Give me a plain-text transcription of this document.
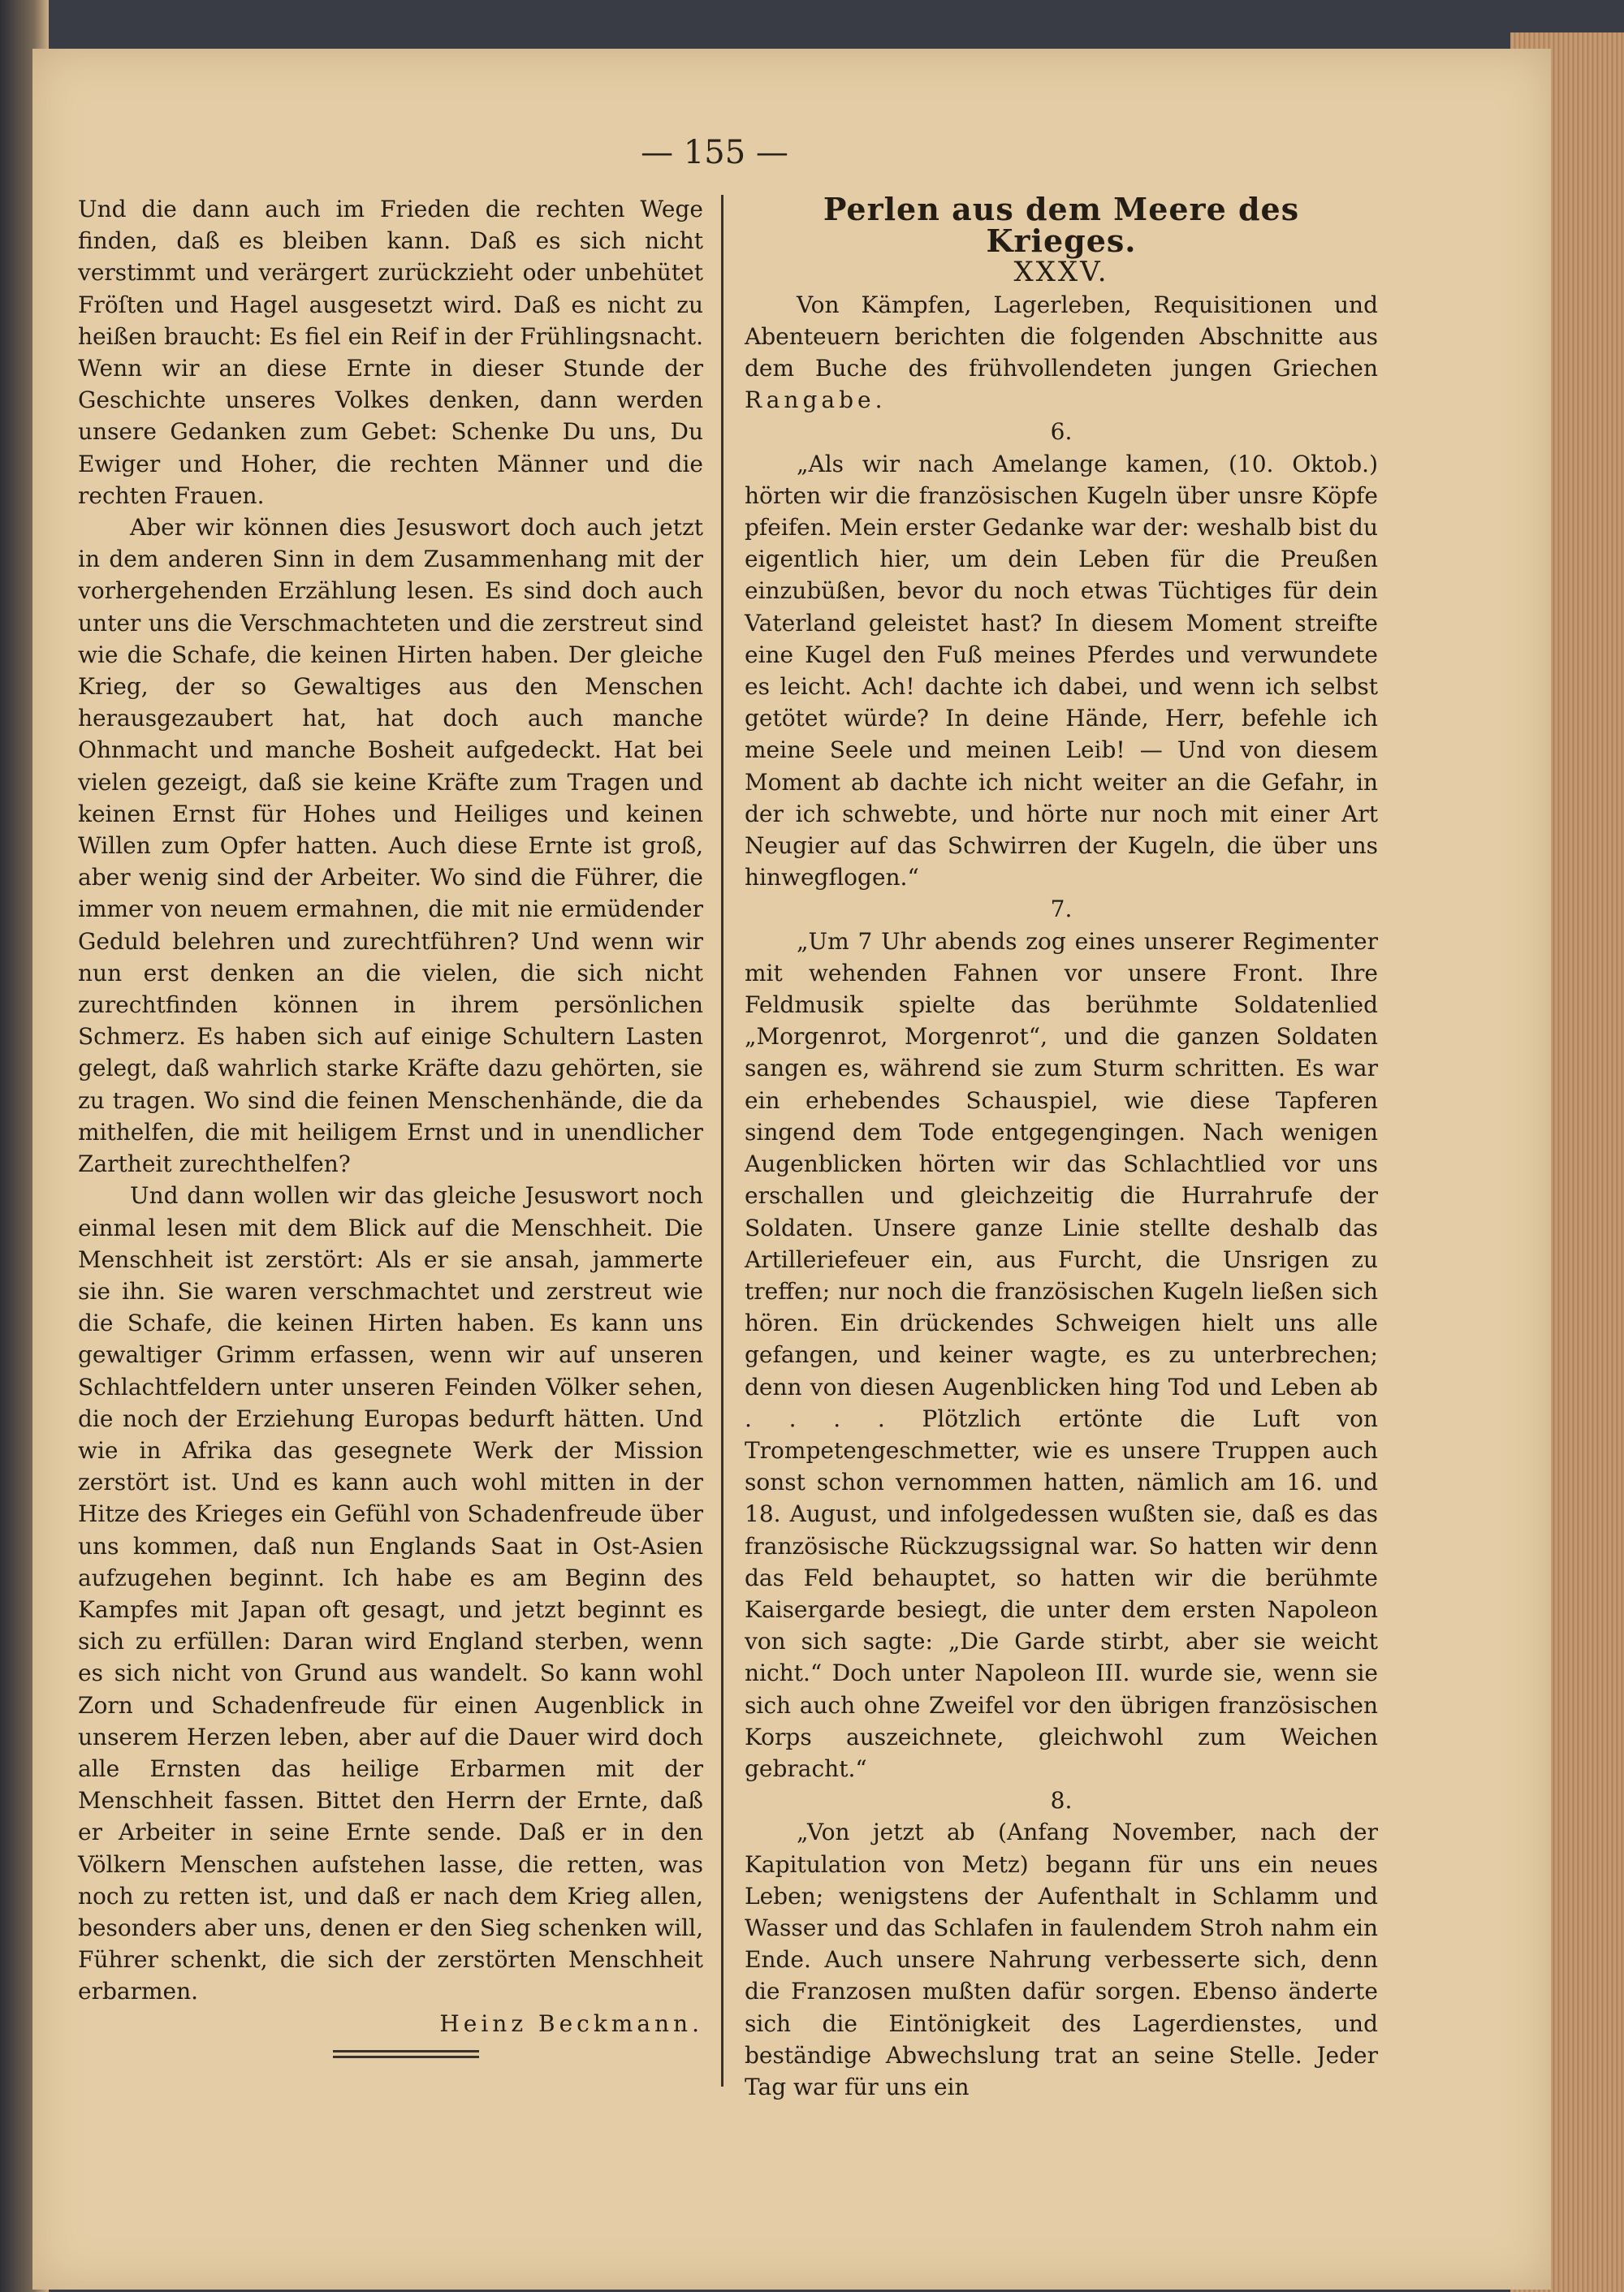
— 155 —

Und die dann auch im Frieden die rechten Wege finden, daß es bleiben kann. Daß es sich nicht verstimmt und verärgert zurückzieht oder unbehütet Fröſten und Hagel ausgesetzt wird. Daß es nicht zu heißen braucht: Es fiel ein Reif in der Frühlingsnacht. Wenn wir an diese Ernte in dieser Stunde der Geschichte unseres Volkes denken, dann werden unsere Gedanken zum Gebet: Schenke Du uns, Du Ewiger und Hoher, die rechten Männer und die rechten Frauen.

Aber wir können dies Jesuswort doch auch jetzt in dem anderen Sinn in dem Zusammenhang mit der vorhergehenden Erzählung lesen. Es sind doch auch unter uns die Verschmachteten und die zerstreut sind wie die Schafe, die keinen Hirten haben. Der gleiche Krieg, der so Gewaltiges aus den Menschen herausgezaubert hat, hat doch auch manche Ohnmacht und manche Bosheit aufgedeckt. Hat bei vielen gezeigt, daß sie keine Kräfte zum Tragen und keinen Ernst für Hohes und Heiliges und keinen Willen zum Opfer hatten. Auch diese Ernte ist groß, aber wenig sind der Arbeiter. Wo sind die Führer, die immer von neuem ermahnen, die mit nie ermüdender Geduld belehren und zurechtführen? Und wenn wir nun erst denken an die vielen, die sich nicht zurechtfinden können in ihrem persönlichen Schmerz. Es haben sich auf einige Schultern Lasten gelegt, daß wahrlich starke Kräfte dazu gehörten, sie zu tragen. Wo sind die feinen Menschenhände, die da mithelfen, die mit heiligem Ernst und in unendlicher Zartheit zurechthelfen?

Und dann wollen wir das gleiche Jesuswort noch einmal lesen mit dem Blick auf die Menschheit. Die Menschheit ist zerstört: Als er sie ansah, jammerte sie ihn. Sie waren verschmachtet und zerstreut wie die Schafe, die keinen Hirten haben. Es kann uns gewaltiger Grimm erfassen, wenn wir auf unseren Schlachtfeldern unter unseren Feinden Völker sehen, die noch der Erziehung Europas bedurft hätten. Und wie in Afrika das gesegnete Werk der Mission zerstört ist. Und es kann auch wohl mitten in der Hitze des Krieges ein Gefühl von Schadenfreude über uns kommen, daß nun Englands Saat in Ost-Asien aufzugehen beginnt. Ich habe es am Beginn des Kampfes mit Japan oft gesagt, und jetzt beginnt es sich zu erfüllen: Daran wird England sterben, wenn es sich nicht von Grund aus wandelt. So kann wohl Zorn und Schadenfreude für einen Augenblick in unserem Herzen leben, aber auf die Dauer wird doch alle Ernsten das heilige Erbarmen mit der Menschheit fassen. Bittet den Herrn der Ernte, daß er Arbeiter in seine Ernte sende. Daß er in den Völkern Menschen aufstehen lasse, die retten, was noch zu retten ist, und daß er nach dem Krieg allen, besonders aber uns, denen er den Sieg schenken will, Führer schenkt, die sich der zerstörten Menschheit erbarmen.

Heinz Beckmann.

Perlen aus dem Meere des Krieges.

XXXV.

Von Kämpfen, Lagerleben, Requisitionen und Abenteuern berichten die folgenden Abschnitte aus dem Buche des frühvollendeten jungen Griechen Rangabe.

6.

„Als wir nach Amelange kamen, (10. Oktob.) hörten wir die französischen Kugeln über unsre Köpfe pfeifen. Mein erster Gedanke war der: weshalb bist du eigentlich hier, um dein Leben für die Preußen einzubüßen, bevor du noch etwas Tüchtiges für dein Vaterland geleistet hast? In diesem Moment streifte eine Kugel den Fuß meines Pferdes und verwundete es leicht. Ach! dachte ich dabei, und wenn ich selbst getötet würde? In deine Hände, Herr, befehle ich meine Seele und meinen Leib! — Und von diesem Moment ab dachte ich nicht weiter an die Gefahr, in der ich schwebte, und hörte nur noch mit einer Art Neugier auf das Schwirren der Kugeln, die über uns hinwegflogen.“

7.

„Um 7 Uhr abends zog eines unserer Regimenter mit wehenden Fahnen vor unsere Front. Ihre Feldmusik spielte das berühmte Soldatenlied „Morgenrot, Morgenrot“, und die ganzen Soldaten sangen es, während sie zum Sturm schritten. Es war ein erhebendes Schauspiel, wie diese Tapferen singend dem Tode entgegengingen. Nach wenigen Augenblicken hörten wir das Schlachtlied vor uns erschallen und gleichzeitig die Hurrahrufe der Soldaten. Unsere ganze Linie stellte deshalb das Artilleriefeuer ein, aus Furcht, die Unsrigen zu treffen; nur noch die französischen Kugeln ließen sich hören. Ein drückendes Schweigen hielt uns alle gefangen, und keiner wagte, es zu unterbrechen; denn von diesen Augenblicken hing Tod und Leben ab . . . . Plötzlich ertönte die Luft von Trompetengeschmetter, wie es unsere Truppen auch sonst schon vernommen hatten, nämlich am 16. und 18. August, und infolgedessen wußten sie, daß es das französische Rückzugssignal war. So hatten wir denn das Feld behauptet, so hatten wir die berühmte Kaisergarde besiegt, die unter dem ersten Napoleon von sich sagte: „Die Garde stirbt, aber sie weicht nicht.“ Doch unter Napoleon III. wurde sie, wenn sie sich auch ohne Zweifel vor den übrigen französischen Korps auszeichnete, gleichwohl zum Weichen gebracht.“

8.

„Von jetzt ab (Anfang November, nach der Kapitulation von Metz) begann für uns ein neues Leben; wenigstens der Aufenthalt in Schlamm und Wasser und das Schlafen in faulendem Stroh nahm ein Ende. Auch unsere Nahrung verbesserte sich, denn die Franzosen mußten dafür sorgen. Ebenso änderte sich die Eintönigkeit des Lagerdienstes, und beständige Abwechslung trat an seine Stelle. Jeder Tag war für uns ein
